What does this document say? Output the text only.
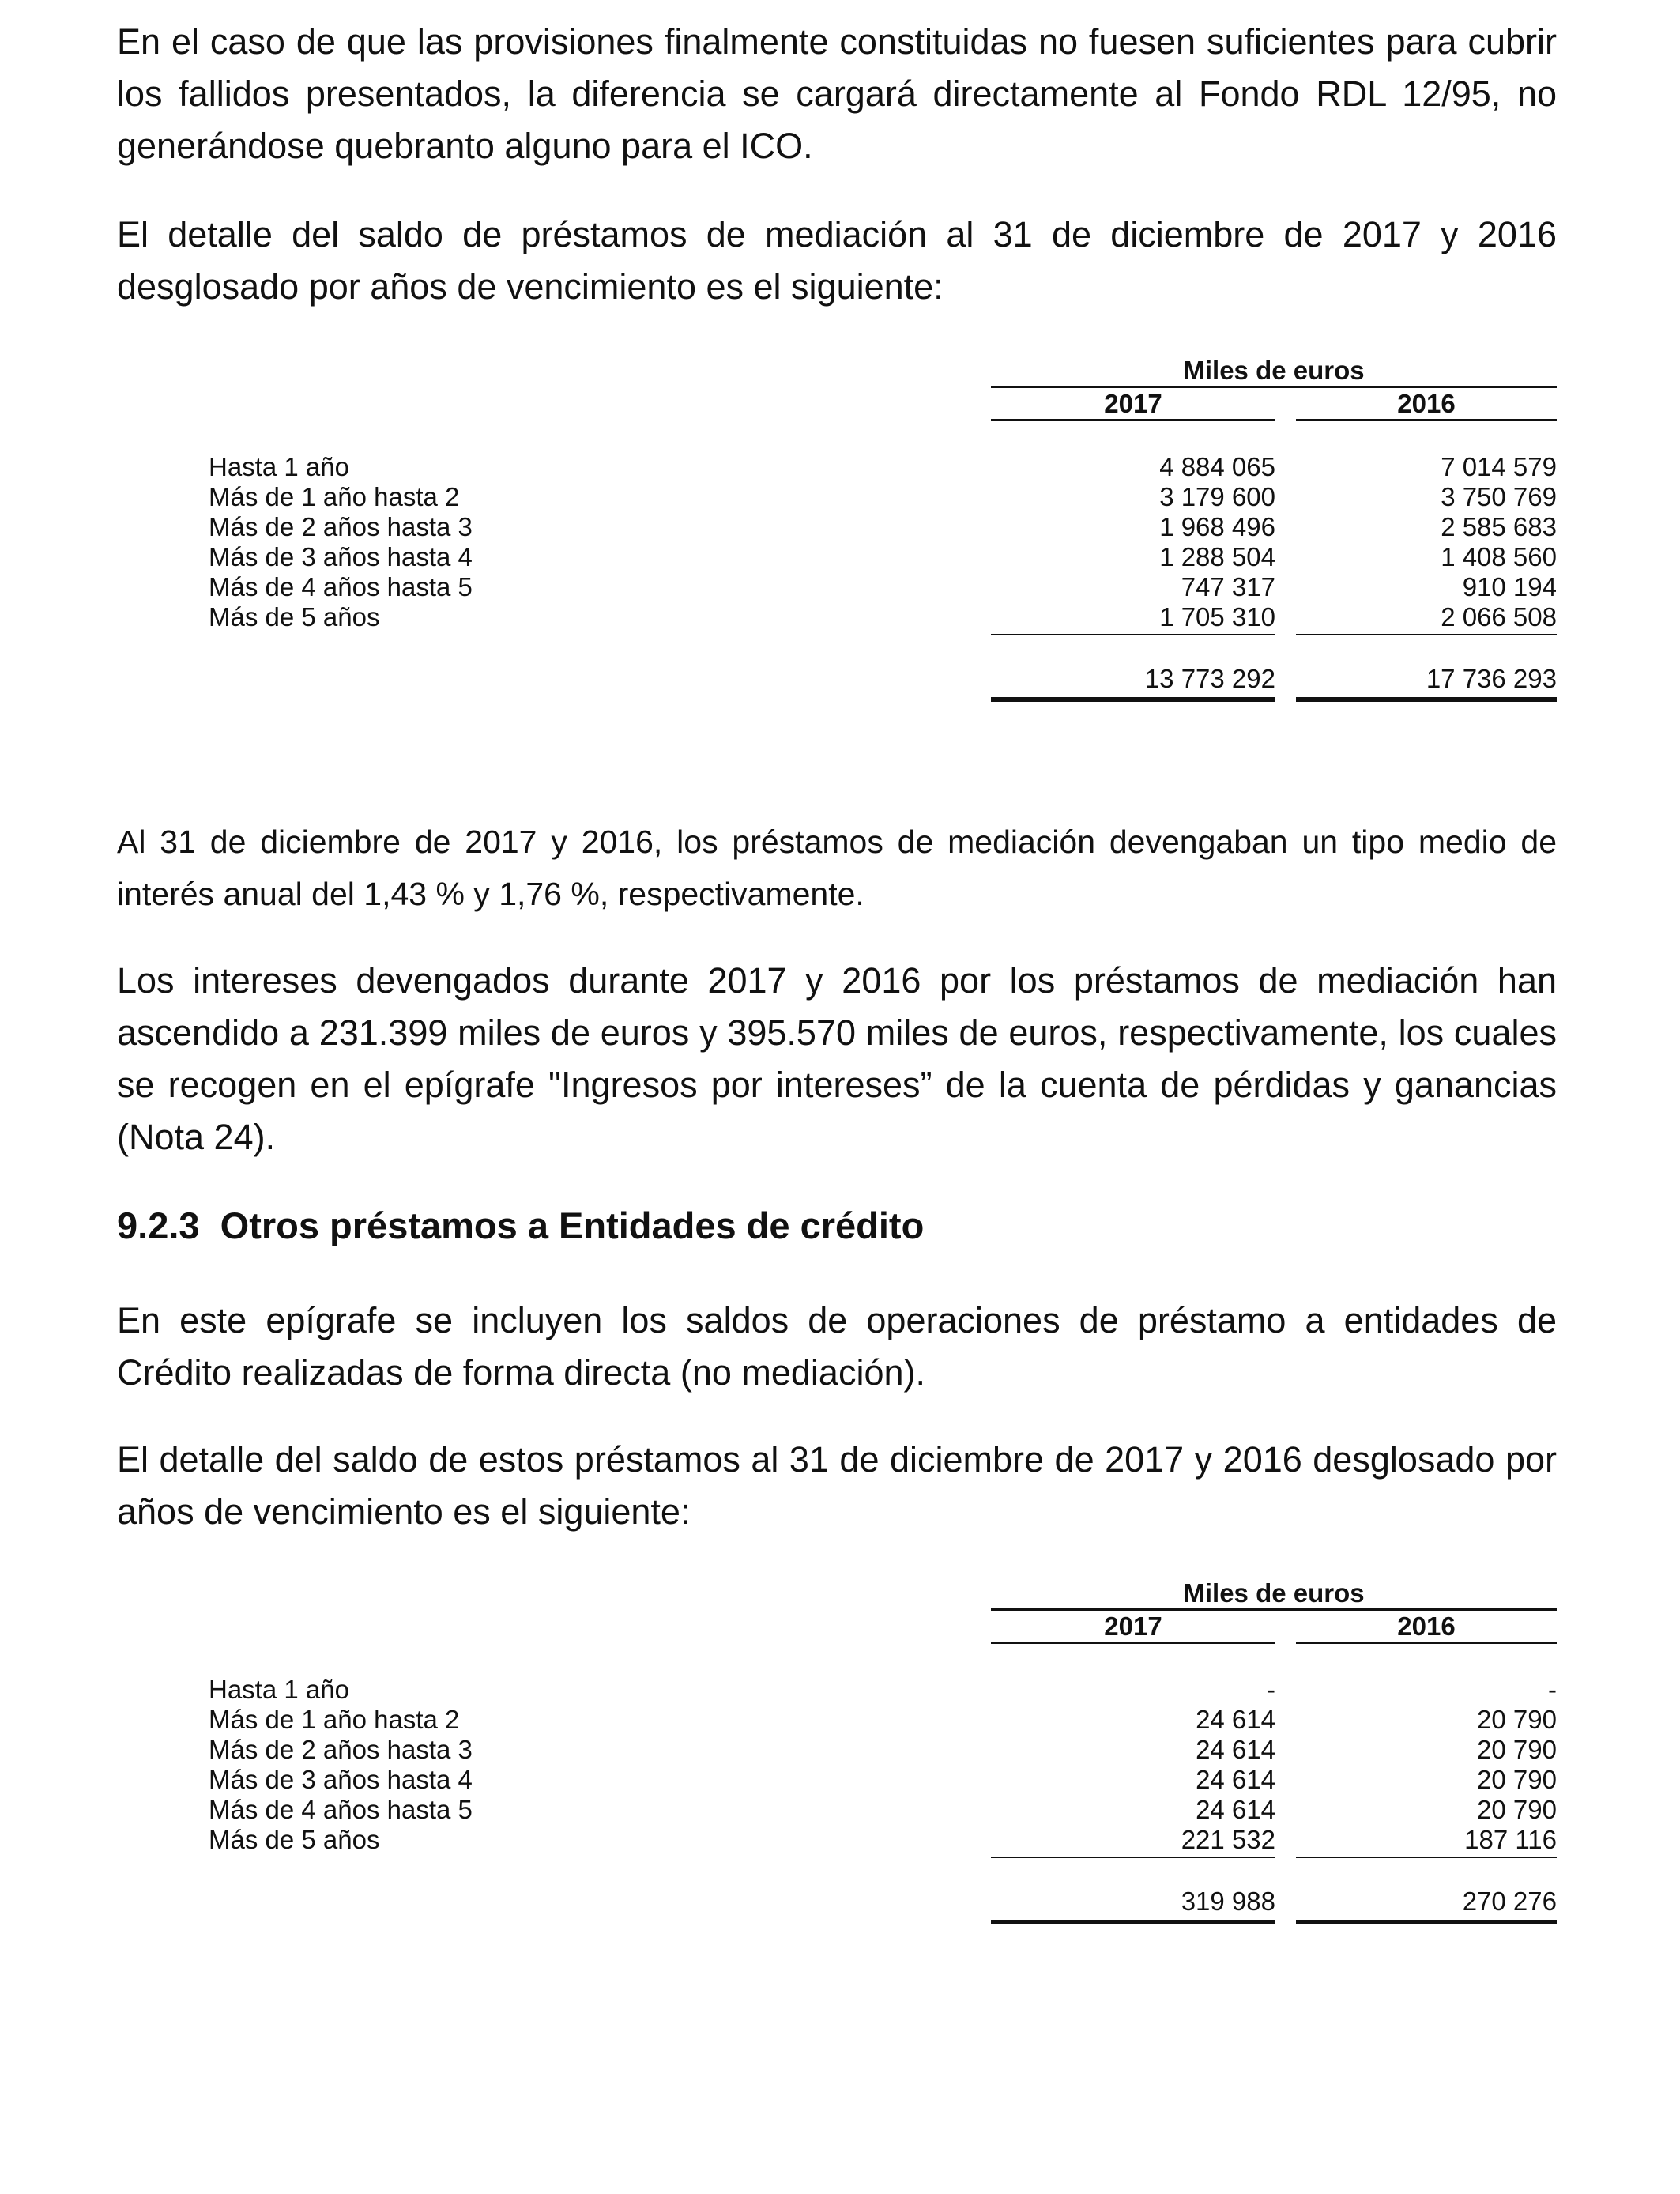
En el caso de que las provisiones finalmente constituidas no fuesen suficientes para cubrir los fallidos presentados, la diferencia se cargará directamente al Fondo RDL 12/95, no generándose quebranto alguno para el ICO.

El detalle del saldo de préstamos de mediación al 31 de diciembre de 2017 y 2016 desglosado por años de vencimiento es el siguiente:

Miles de euros
2017	2016
Hasta 1 año	4 884 065	7 014 579
Más de 1 año hasta 2	3 179 600	3 750 769
Más de 2 años hasta 3	1 968 496	2 585 683
Más de 3 años hasta 4	1 288 504	1 408 560
Más de 4 años hasta 5	747 317	910 194
Más de 5 años	1 705 310	2 066 508
13 773 292	17 736 293

Al 31 de diciembre de 2017 y 2016, los préstamos de mediación devengaban un tipo medio de interés anual del 1,43 % y 1,76 %, respectivamente.

Los intereses devengados durante 2017 y 2016 por los préstamos de mediación han ascendido a 231.399 miles de euros y 395.570 miles de euros, respectivamente, los cuales se recogen en el epígrafe "Ingresos por intereses” de la cuenta de pérdidas y ganancias (Nota 24).

9.2.3  Otros préstamos a Entidades de crédito

En este epígrafe se incluyen los saldos de operaciones de préstamo a entidades de Crédito realizadas de forma directa (no mediación).

El detalle del saldo de estos préstamos al 31 de diciembre de 2017 y 2016 desglosado por años de vencimiento es el siguiente:

Miles de euros
2017	2016
Hasta 1 año	-	-
Más de 1 año hasta 2	24 614	20 790
Más de 2 años hasta 3	24 614	20 790
Más de 3 años hasta 4	24 614	20 790
Más de 4 años hasta 5	24 614	20 790
Más de 5 años	221 532	187 116
319 988	270 276
